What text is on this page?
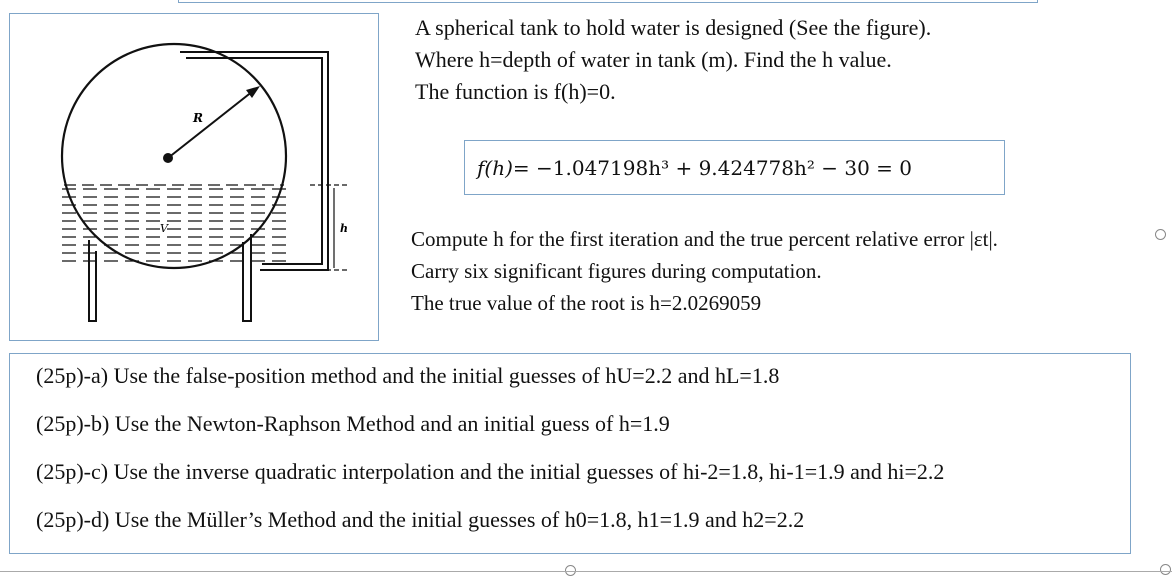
R
V	h
A spherical tank to hold water is designed (See the figure).
Where h=depth of water in tank (m). Find the h value.
The function is f(h)=0.
f(h) = −1.047198h³ + 9.424778h² − 30 = 0
Compute h for the first iteration and the true percent relative error |εt|.
Carry six significant figures during computation.
The true value of the root is h=2.0269059
(25p)-a) Use the false-position method and the initial guesses of hU=2.2 and hL=1.8
(25p)-b) Use the Newton-Raphson Method and an initial guess of h=1.9
(25p)-c) Use the inverse quadratic interpolation and the initial guesses of hi-2=1.8, hi-1=1.9 and hi=2.2
(25p)-d) Use the Müller’s Method and the initial guesses of h0=1.8, h1=1.9 and h2=2.2
